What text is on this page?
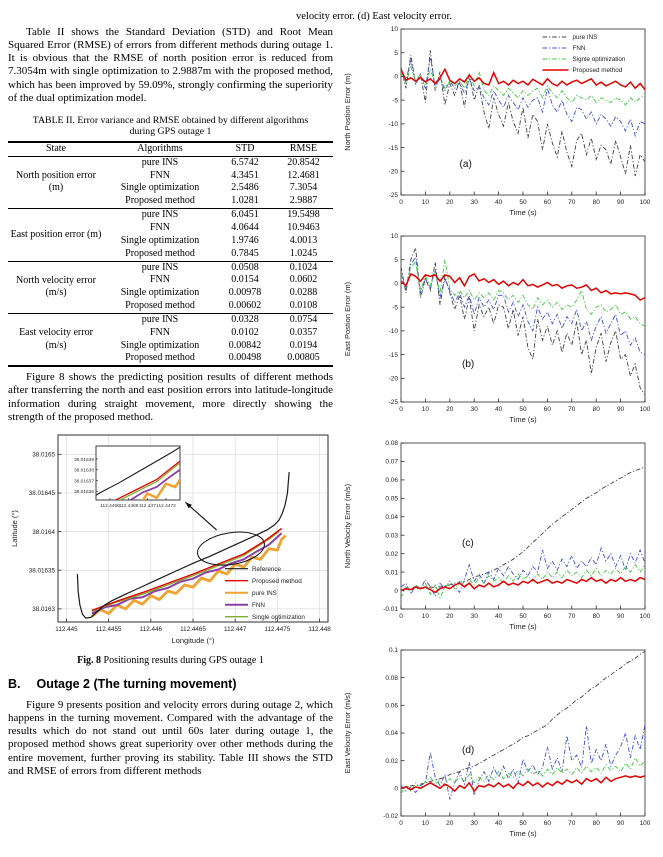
velocity error. (d) East velocity error.

Table II shows the Standard Deviation (STD) and Root Mean Squared Error (RMSE) of errors from different methods during outage 1. It is obvious that the RMSE of north position error is reduced from 7.3054m with single optimization to 2.9887m with the proposed method, which has been improved by 59.09%, strongly confirming the superiority of the dual optimization model.

TABLE II. Error variance and RMSE obtained by different algorithms
during GPS outage 1
State	Algorithms	STD	RMSE
North position error (m)	pure INS	6.5742	20.8542
	FNN	4.3451	12.4681
	Single optimization	2.5486	7.3054
	Proposed method	1.0281	2.9887
East position error (m)	pure INS	6.0451	19.5498
	FNN	4.0644	10.9463
	Single optimization	1.9746	4.0013
	Proposed method	0.7845	1.0245
North velocity error (m/s)	pure INS	0.0508	0.1024
	FNN	0.0154	0.0602
	Single optimization	0.00978	0.0288
	Proposed method	0.00602	0.0108
East velocity error (m/s)	pure INS	0.0328	0.0754
	FNN	0.0102	0.0357
	Single optimization	0.00842	0.0194
	Proposed method	0.00498	0.00805

Figure 8 shows the predicting position results of different methods after transferring the north and east position errors into latitude-longitude information during straight movement, more directly showing the strength of the proposed method.

112.445	112.4455	112.446	112.4465	112.447	112.4475	112.448
38.0163
38.01635
38.0164
38.01645
38.0165
Longitude (°)
Latitude (°)
112.4466 112.4468 112.447 112.4472
38.01636
38.01637
38.01638
38.01639
Reference
Proposed method
pure INS
FNN
Single optimization
Fig. 8 Positioning results during GPS outage 1
B. Outage 2 (The turning movement)

Figure 9 presents position and velocity errors during outage 2, which happens in the turning movement. Compared with the advantage of the results which do not stand out until 60s later during outage 1, the proposed method shows great superiority over other methods during the entire movement, further proving its stability. Table III shows the STD and RMSE of errors from different methods

0	10	20	30	40	50	60	70	80	90 100
10
5
0
-5
-10
-15
-20
-25
Time (s)
North Postion Error (m)
(a)
pure INS
FNN
Signle optimization
Proposed method
0	10	20	30	40	50	60	70	80	90 100
10
5
0
-5
-10
-15
-20
-25
Time (s)
East Postion Error (m)
(b)
0	10	20	30	40	50	60	70	80	90 100
0.08
0.07
0.06
0.05
0.04
0.03
0.02
0.01
0
-0.01
Time (s)
North Velocity Error (m/s)	(c)
0	10	20	30	40	50	60	70	80	90 100
0.1
0.08
0.06
0.04
0.02
0
-0.02
Time (s)
East Velocity Error (m/s)	(d)
